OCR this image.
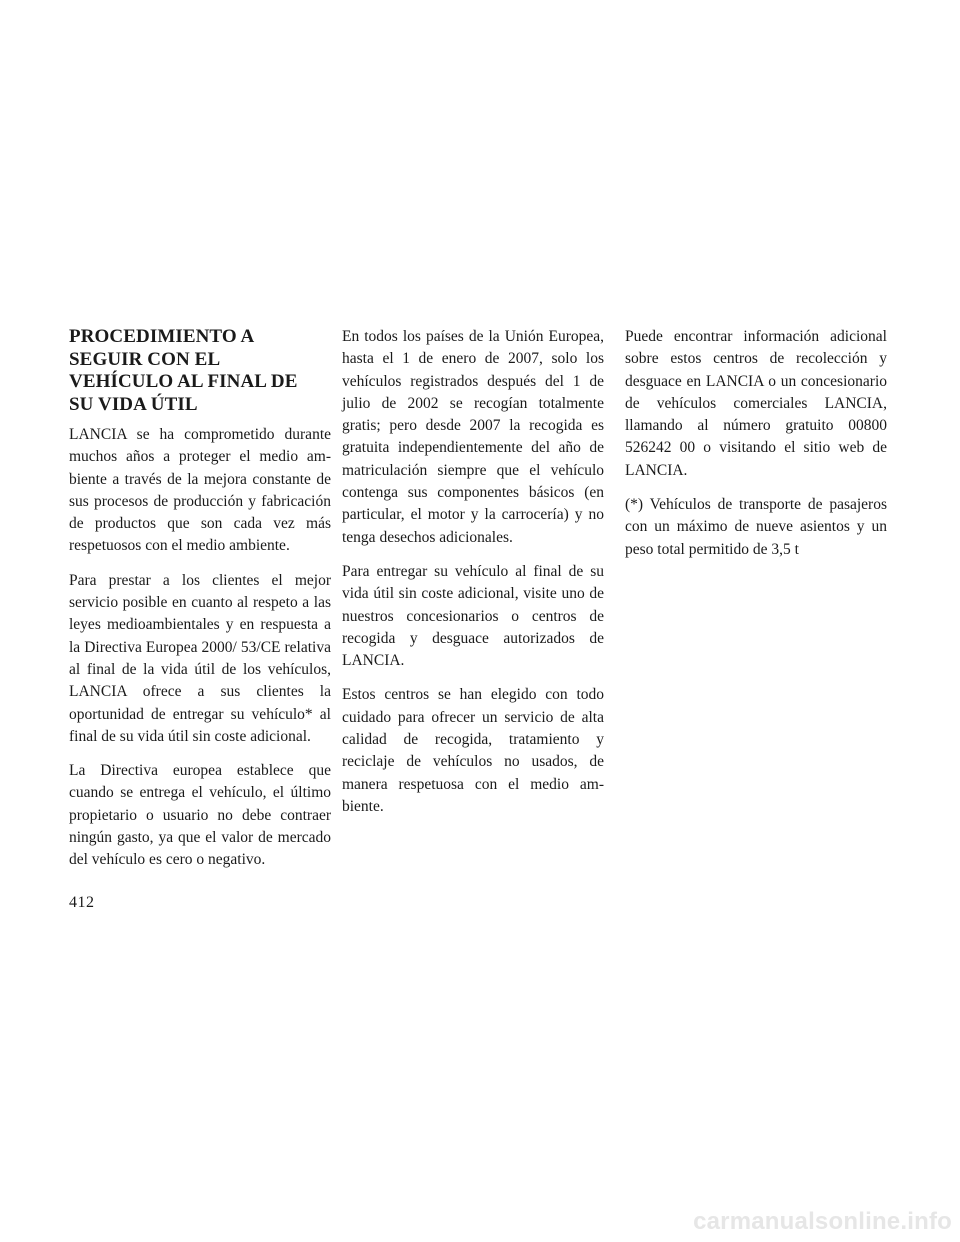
PROCEDIMIENTO A
SEGUIR CON EL
VEHÍCULO AL FINAL DE
SU VIDA ÚTIL

LANCIA se ha comprometido durante muchos años a proteger el medio ambiente a través de la mejora constante de sus procesos de producción y fabricación de productos que son cada vez más respetuosos con el medio ambiente.

Para prestar a los clientes el mejor servicio posible en cuanto al respeto a las leyes medioambientales y en respuesta a la Directiva Europea 2000/ 53/CE relativa al final de la vida útil de los vehículos, LANCIA ofrece a sus clientes la oportunidad de entregar su vehículo* al final de su vida útil sin coste adicional.

La Directiva europea establece que cuando se entrega el vehículo, el último propietario o usuario no debe contraer ningún gasto, ya que el valor de mercado del vehículo es cero o negativo.

En todos los países de la Unión Europea, hasta el 1 de enero de 2007, solo los vehículos registrados después del 1 de julio de 2002 se recogían totalmente gratis; pero desde 2007 la recogida es gratuita independientemente del año de matriculación siempre que el vehículo contenga sus componentes básicos (en particular, el motor y la carrocería) y no tenga desechos adicionales.

Para entregar su vehículo al final de su vida útil sin coste adicional, visite uno de nuestros concesionarios o centros de recogida y desguace autorizados de LANCIA.

Estos centros se han elegido con todo cuidado para ofrecer un servicio de alta calidad de recogida, tratamiento y reciclaje de vehículos no usados, de manera respetuosa con el medio ambiente.

Puede encontrar información adicional sobre estos centros de recolección y desguace en LANCIA o un concesionario de vehículos comerciales LANCIA, llamando al número gratuito 00800 526242 00 o visitando el sitio web de LANCIA.

(*) Vehículos de transporte de pasajeros con un máximo de nueve asientos y un peso total permitido de 3,5 t

412
carmanualsonline.info
